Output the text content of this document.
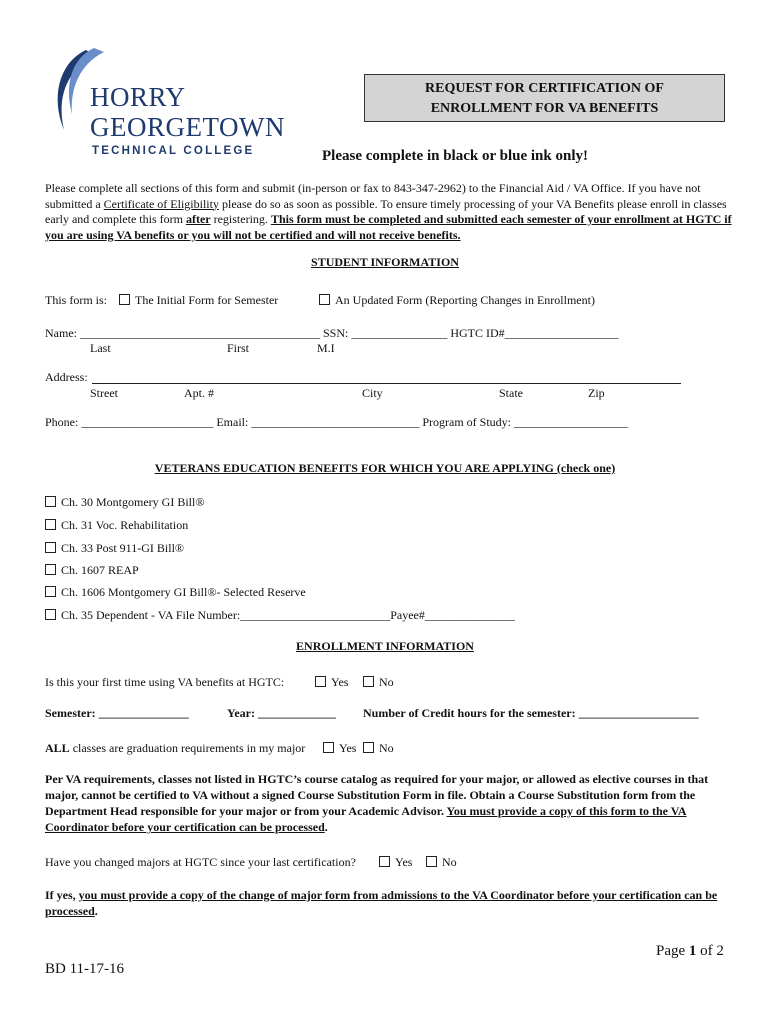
HORRY
GEORGETOWN
TECHNICAL COLLEGE
REQUEST FOR CERTIFICATION OF
ENROLLMENT FOR VA BENEFITS
Please complete in black or blue ink only!
Please complete all sections of this form and submit (in-person or fax to 843-347-2962) to the Financial Aid / VA Office. If you have not submitted a Certificate of Eligibility please do so as soon as possible. To ensure timely processing of your VA Benefits please enroll in classes early and complete this form after registering. This form must be completed and submitted each semester of your enrollment at HGTC if you are using VA benefits or you will not be certified and will not receive benefits.
STUDENT INFORMATION
This form is:	The Initial Form for Semester	An Updated Form (Reporting Changes in Enrollment)
Name: ________________________________________ SSN: ________________ HGTC ID#___________________
Last	First	M.I
Address:
Street	Apt. #	City	State	Zip
Phone: ______________________ Email: ____________________________ Program of Study: ___________________
VETERANS EDUCATION BENEFITS FOR WHICH YOU ARE APPLYING (check one)
Ch. 30 Montgomery GI Bill®
Ch. 31 Voc. Rehabilitation
Ch. 33 Post 911-GI Bill®
Ch. 1607 REAP
Ch. 1606 Montgomery GI Bill®- Selected Reserve
Ch. 35 Dependent - VA File Number:_________________________Payee#_______________
ENROLLMENT INFORMATION
Is this your first time using VA benefits at HGTC:	Yes	No
Semester: _______________	Year: _____________ Number of Credit hours for the semester: ____________________
ALL classes are graduation requirements in my major	Yes	No
Per VA requirements, classes not listed in HGTC’s course catalog as required for your major, or allowed as elective courses in that major, cannot be certified to VA without a signed Course Substitution Form in file. Obtain a Course Substitution form from the Department Head responsible for your major or from your Academic Advisor. You must provide a copy of this form to the VA Coordinator before your certification can be processed.
Have you changed majors at HGTC since your last certification?	Yes	No
If yes, you must provide a copy of the change of major form from admissions to the VA Coordinator before your certification can be processed.
Page 1 of 2
BD 11-17-16
